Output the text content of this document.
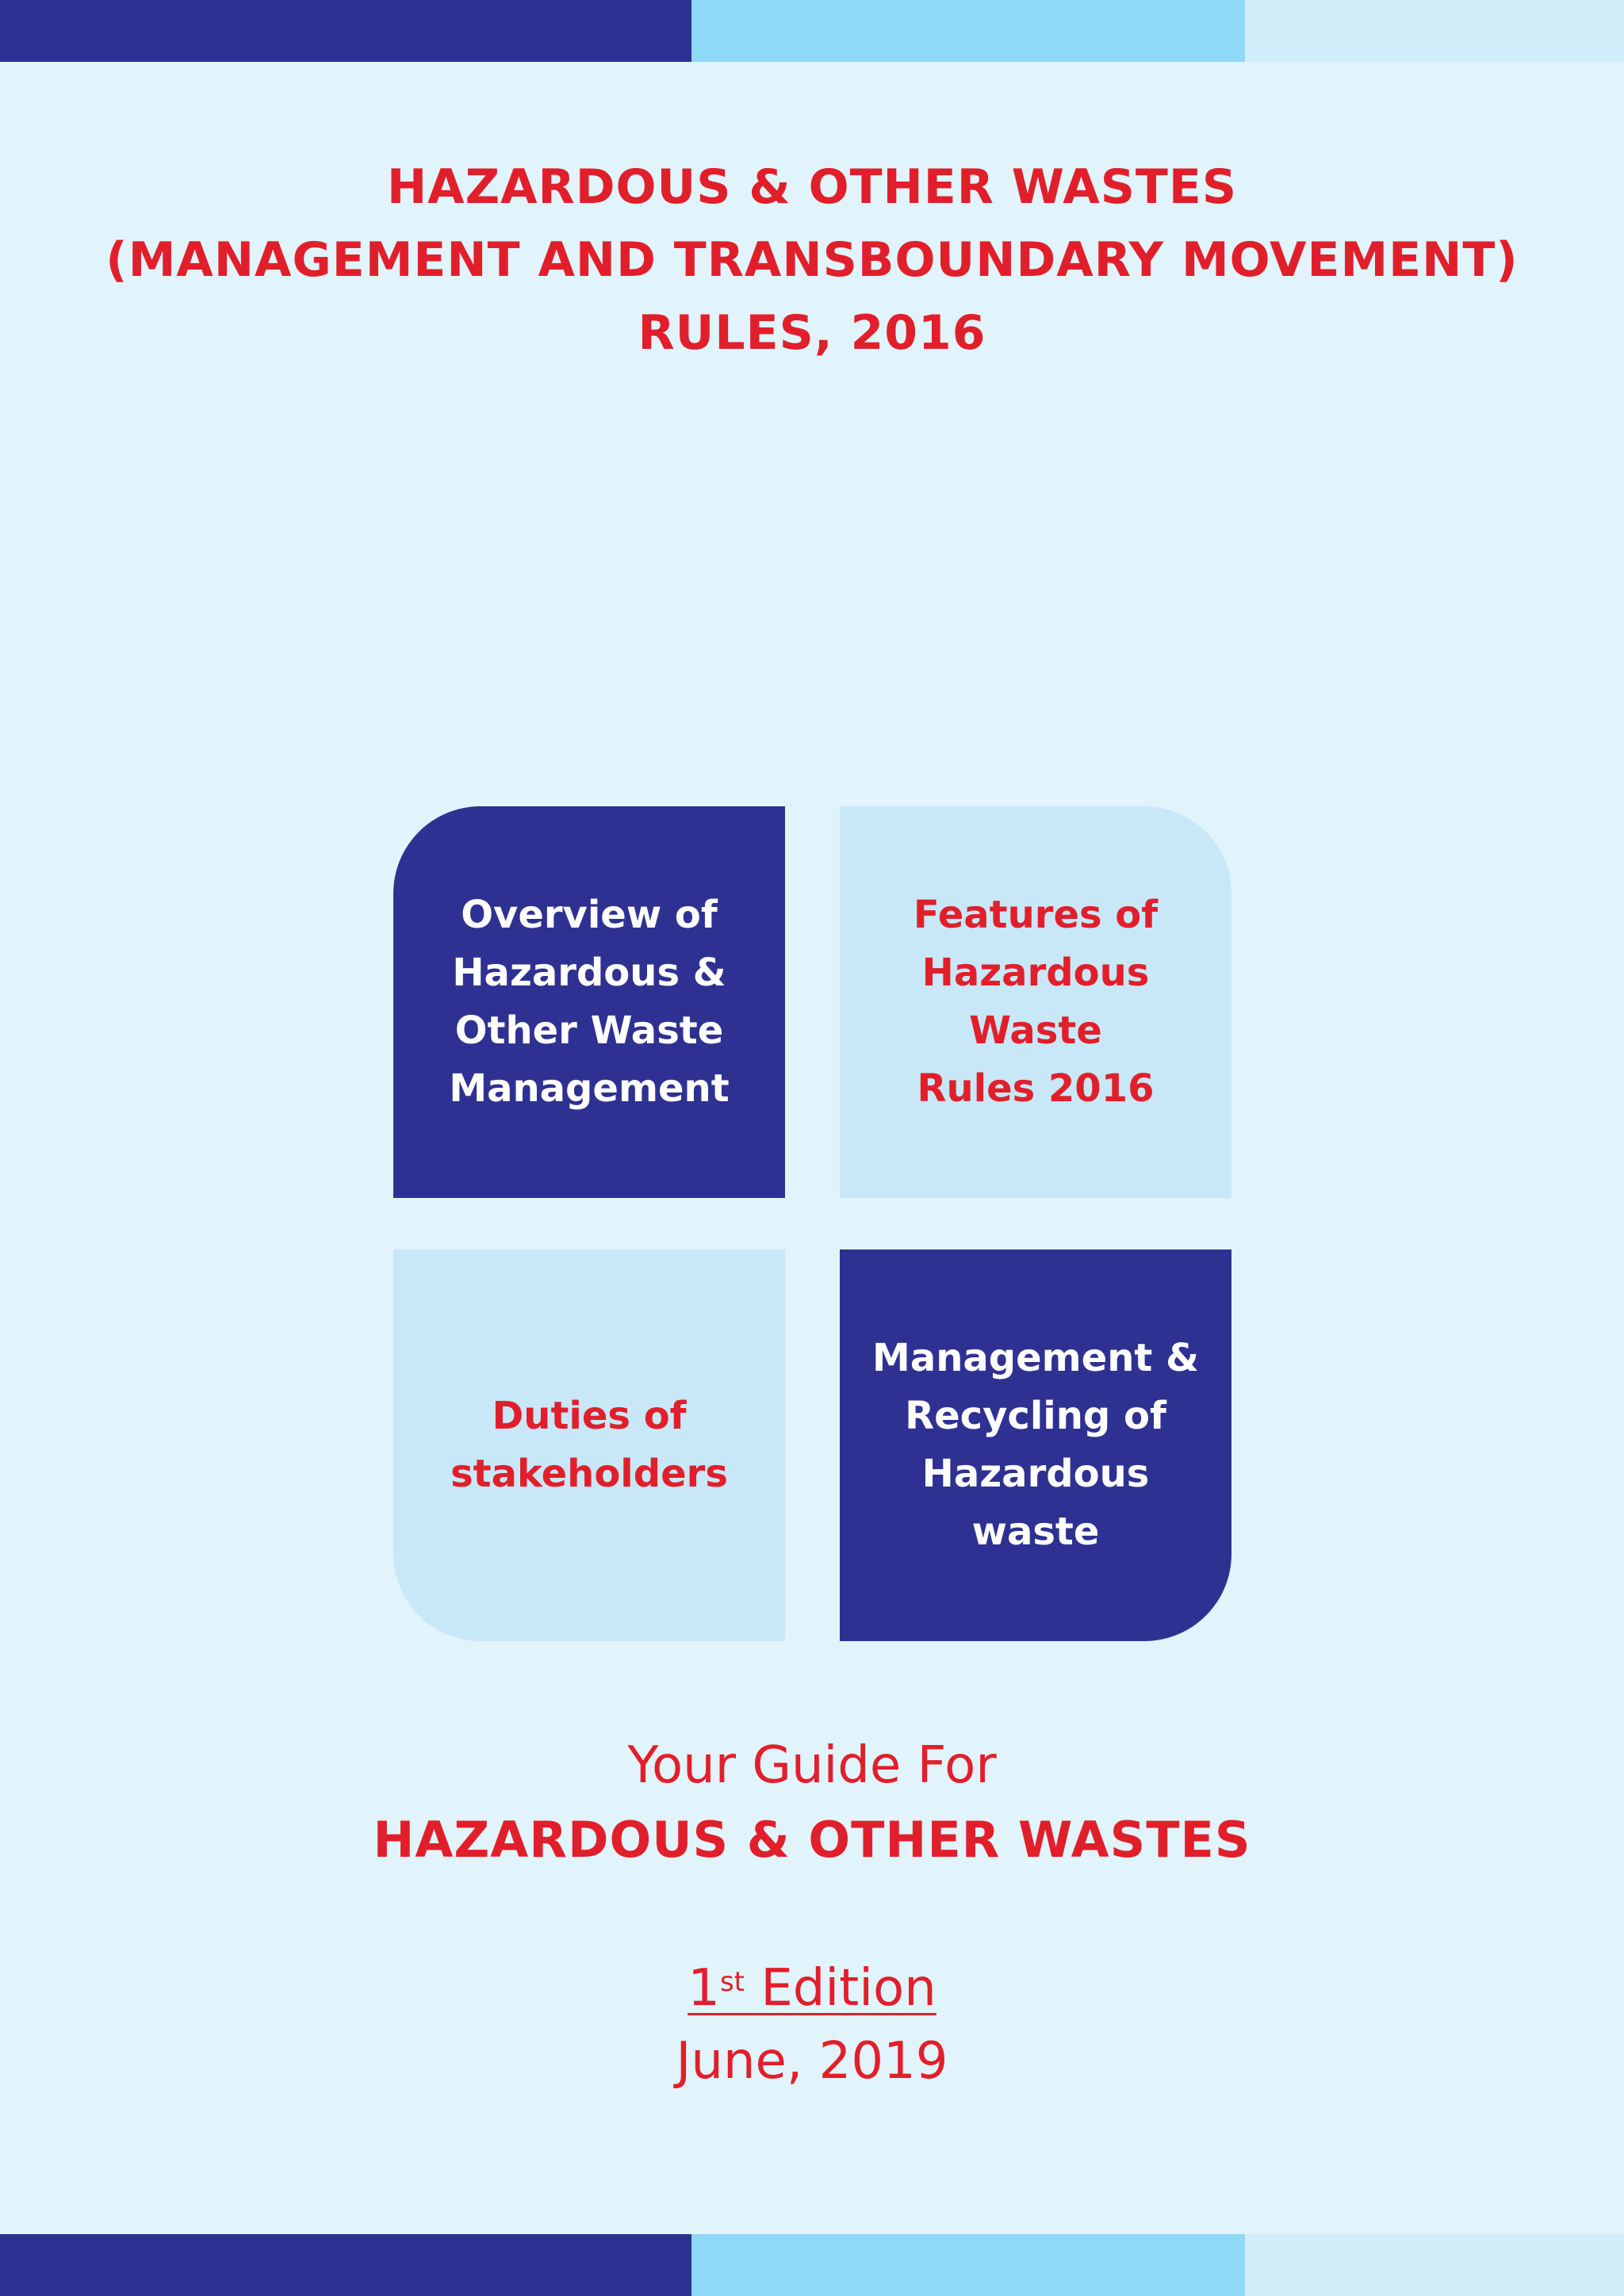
HAZARDOUS & OTHER WASTES
(MANAGEMENT AND TRANSBOUNDARY MOVEMENT)
RULES, 2016
Overview of
Hazardous &
Other Waste
Management
Features of
Hazardous
Waste
Rules 2016
Duties of
stakeholders
Management &
Recycling of
Hazardous waste
Your Guide For
HAZARDOUS & OTHER WASTES
1st Edition
June, 2019
